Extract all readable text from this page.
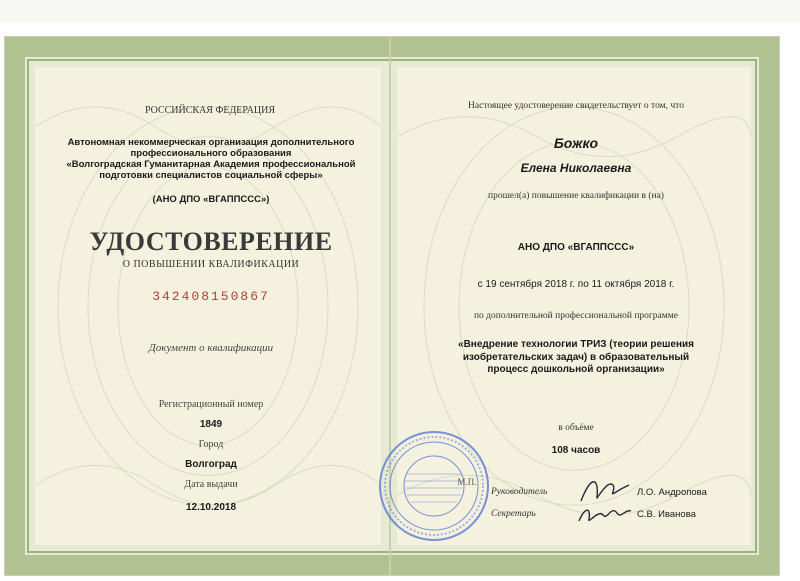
РОССИЙСКАЯ ФЕДЕРАЦИЯ
Автономная некоммерческая организация дополнительного профессионального образования
«Волгоградская Гуманитарная Академия профессиональной подготовки специалистов социальной сферы»
(АНО ДПО «ВГАППССС»)
УДОСТОВЕРЕНИЕ
О ПОВЫШЕНИИ КВАЛИФИКАЦИИ
342408150867
Документ о квалификации
Регистрационный номер
1849
Город
Волгоград
Дата выдачи
12.10.2018
Настоящее удостоверение свидетельствует о том, что
Божко
Елена Николаевна
прошел(а) повышение квалификации в (на)
АНО ДПО «ВГАППССС»
с 19 сентября 2018 г. по 11 октября 2018 г.
по дополнительной профессиональной программе
«Внедрение технологии ТРИЗ (теории решения изобретательских задач) в образовательный процесс дошкольной организации»
в объёме
108 часов
М.П.
Руководитель	Л.О. Андропова
Секретарь	С.В. Иванова
